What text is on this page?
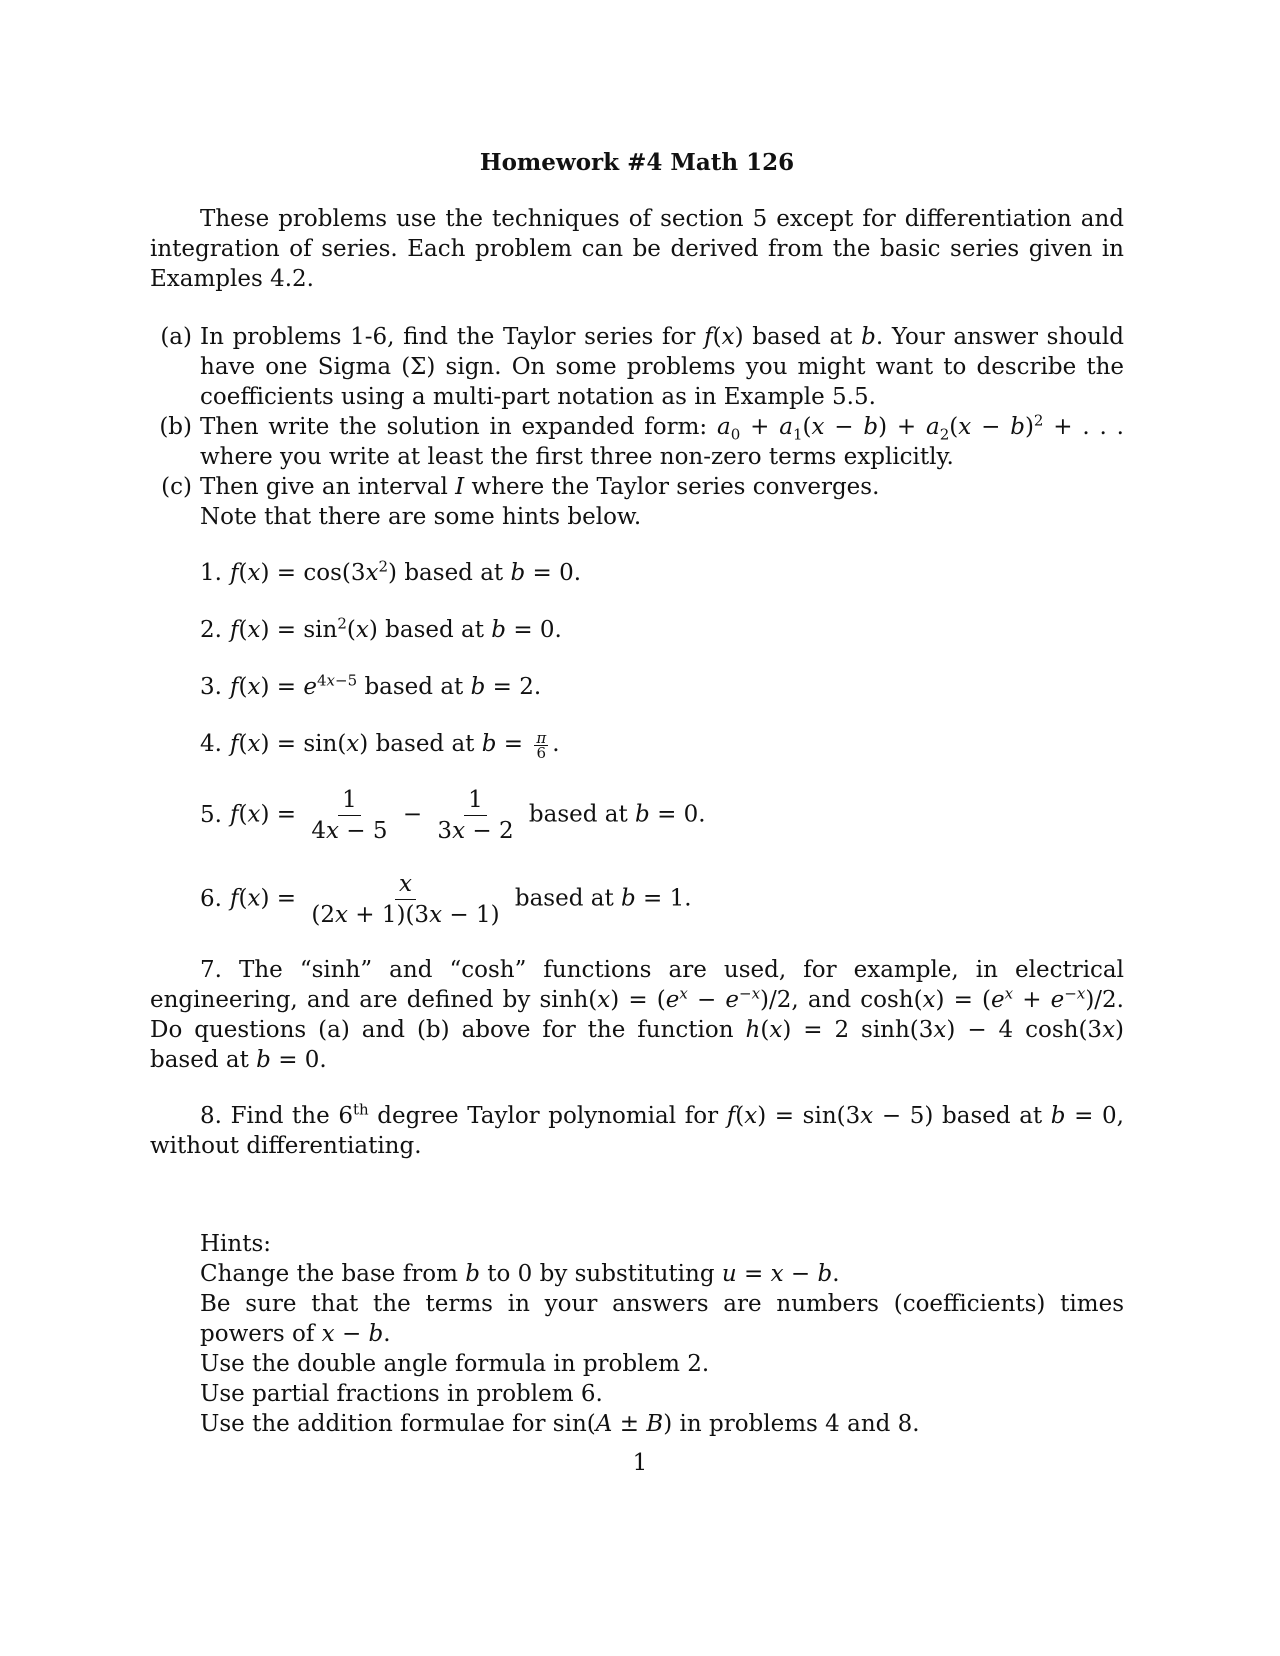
Homework #4 Math 126

These problems use the techniques of section 5 except for differentiation and integration of series. Each problem can be derived from the basic series given in Examples 4.2.

(a) In problems 1-6, find the Taylor series for f(x) based at b. Your answer should have one Sigma (Σ) sign. On some problems you might want to describe the coefficients using a multi-part notation as in Example 5.5.
(b) Then write the solution in expanded form: $a_0 + a_1(x - b) + a_2(x - b)^2$ + . . . where you write at least the first three non-zero terms explicitly.
(c) Then give an interval I where the Taylor series converges.

Note that there are some hints below.

1. $f(x) = \cos(3x^2)$ based at b = 0.
2. $f(x) = \sin^2(x)$ based at b = 0.
3. $f(x) = e^{4x-5}$ based at b = 2.
4. f(x) = sin(x) based at $b = \frac{\pi}{6}$ .
5. $f(x) = \frac{1}{4x - 5} - \frac{1}{3x - 2}$ based at b = 0.
6. $f(x) = \frac{x}{(2x + 1)(3x - 1)}$ based at b = 1.

7. The “sinh” and “cosh” functions are used, for example, in electrical engineering, and are defined by $\sinh(x) = (e^x - e^{-x})/2$, and $\cosh(x) = (e^x + e^{-x})/2$. Do questions (a) and (b) above for the function h(x) = 2 sinh(3x) − 4 cosh(3x) based at b = 0.

8. Find the 6th degree Taylor polynomial for f(x) = sin(3x − 5) based at b = 0, without differentiating.

Hints:

Change the base from b to 0 by substituting u = x − b.

Be sure that the terms in your answers are numbers (coefficients) times powers of x − b.

Use the double angle formula in problem 2.

Use partial fractions in problem 6.

Use the addition formulae for sin(A ± B) in problems 4 and 8.

1
